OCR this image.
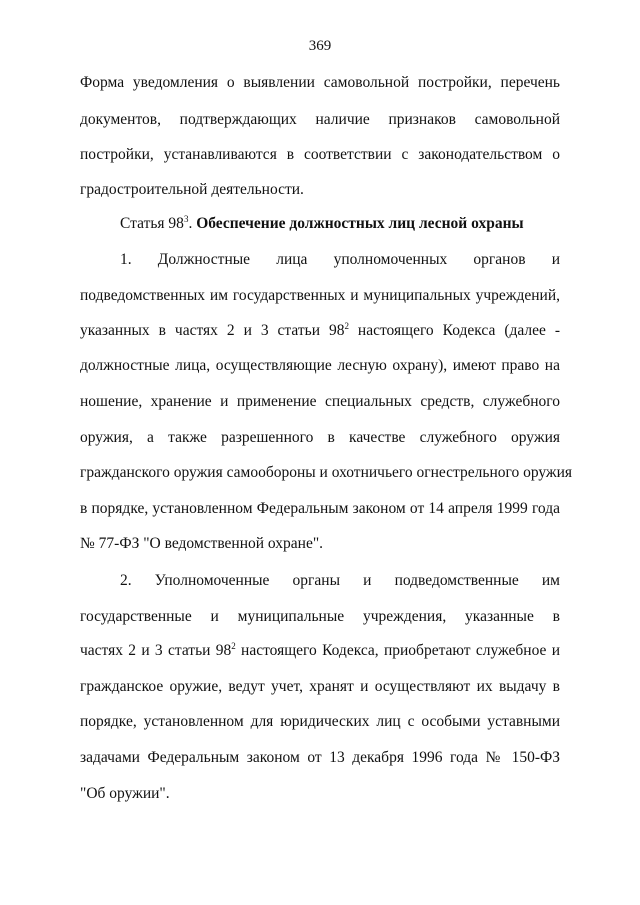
369
Форма уведомления о выявлении самовольной постройки, перечень
документов, подтверждающих наличие признаков самовольной
постройки, устанавливаются в соответствии с законодательством о
градостроительной деятельности.
Статья $98^3$. Обеспечение должностных лиц лесной охраны
1. Должностные лица уполномоченных органов и
подведомственных им государственных и муниципальных учреждений,
указанных в частях 2 и 3 статьи $98^2$ настоящего Кодекса (далее -
должностные лица, осуществляющие лесную охрану), имеют право на
ношение, хранение и применение специальных средств, служебного
оружия, а также разрешенного в качестве служебного оружия
гражданского оружия самообороны и охотничьего огнестрельного оружия
в порядке, установленном Федеральным законом от 14 апреля 1999 года
№ 77-ФЗ "О ведомственной охране".
2. Уполномоченные органы и подведомственные им
государственные и муниципальные учреждения, указанные в
частях 2 и 3 статьи $98^2$ настоящего Кодекса, приобретают служебное и
гражданское оружие, ведут учет, хранят и осуществляют их выдачу в
порядке, установленном для юридических лиц с особыми уставными
задачами Федеральным законом от 13 декабря 1996 года № 150-ФЗ
"Об оружии".
